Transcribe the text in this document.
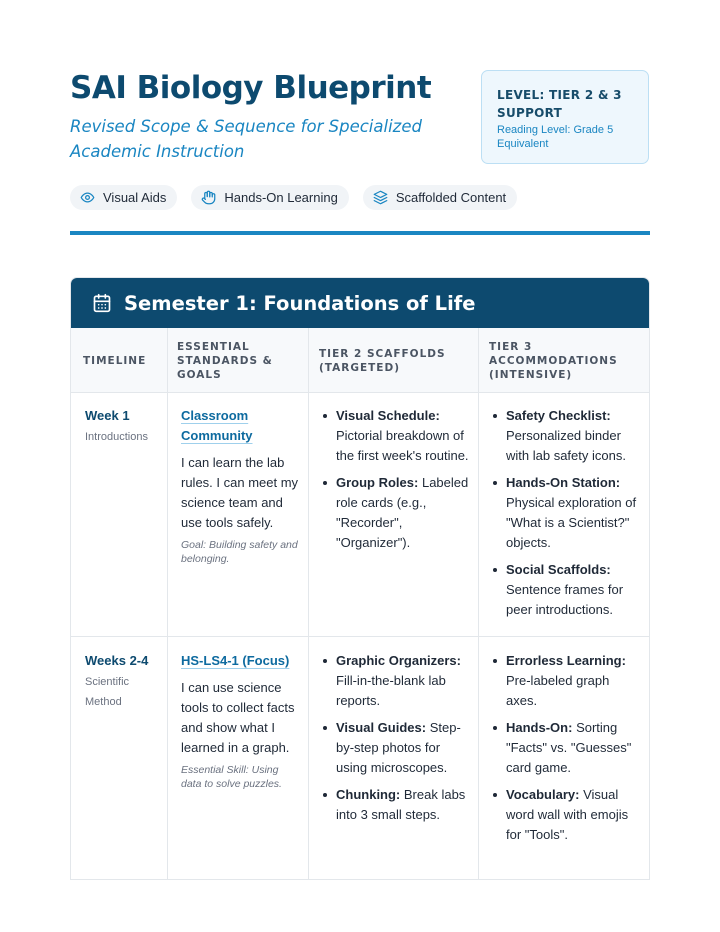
SAI Biology Blueprint
Revised Scope & Sequence for Specialized Academic Instruction
LEVEL: TIER 2 & 3 SUPPORT
Reading Level: Grade 5 Equivalent
Visual Aids	Hands-On Learning	Scaffolded Content
Semester 1: Foundations of Life
TIMELINE
ESSENTIAL STANDARDS & GOALS
TIER 2 SCAFFOLDS (TARGETED)
TIER 3 ACCOMMODATIONS (INTENSIVE)
Week 1
Introductions
Classroom Community
I can learn the lab rules. I can meet my science team and use tools safely.
Goal: Building safety and belonging.
Visual Schedule: Pictorial breakdown of the first week's routine.
Group Roles: Labeled role cards (e.g., "Recorder", "Organizer").
Safety Checklist: Personalized binder with lab safety icons.
Hands-On Station: Physical exploration of "What is a Scientist?" objects.
Social Scaffolds: Sentence frames for peer introductions.
Weeks 2-4
Scientific Method
HS-LS4-1 (Focus)
I can use science tools to collect facts and show what I learned in a graph.
Essential Skill: Using data to solve puzzles.
Graphic Organizers: Fill-in-the-blank lab reports.
Visual Guides: Step-by-step photos for using microscopes.
Chunking: Break labs into 3 small steps.
Errorless Learning: Pre-labeled graph axes.
Hands-On: Sorting "Facts" vs. "Guesses" card game.
Vocabulary: Visual word wall with emojis for "Tools".
